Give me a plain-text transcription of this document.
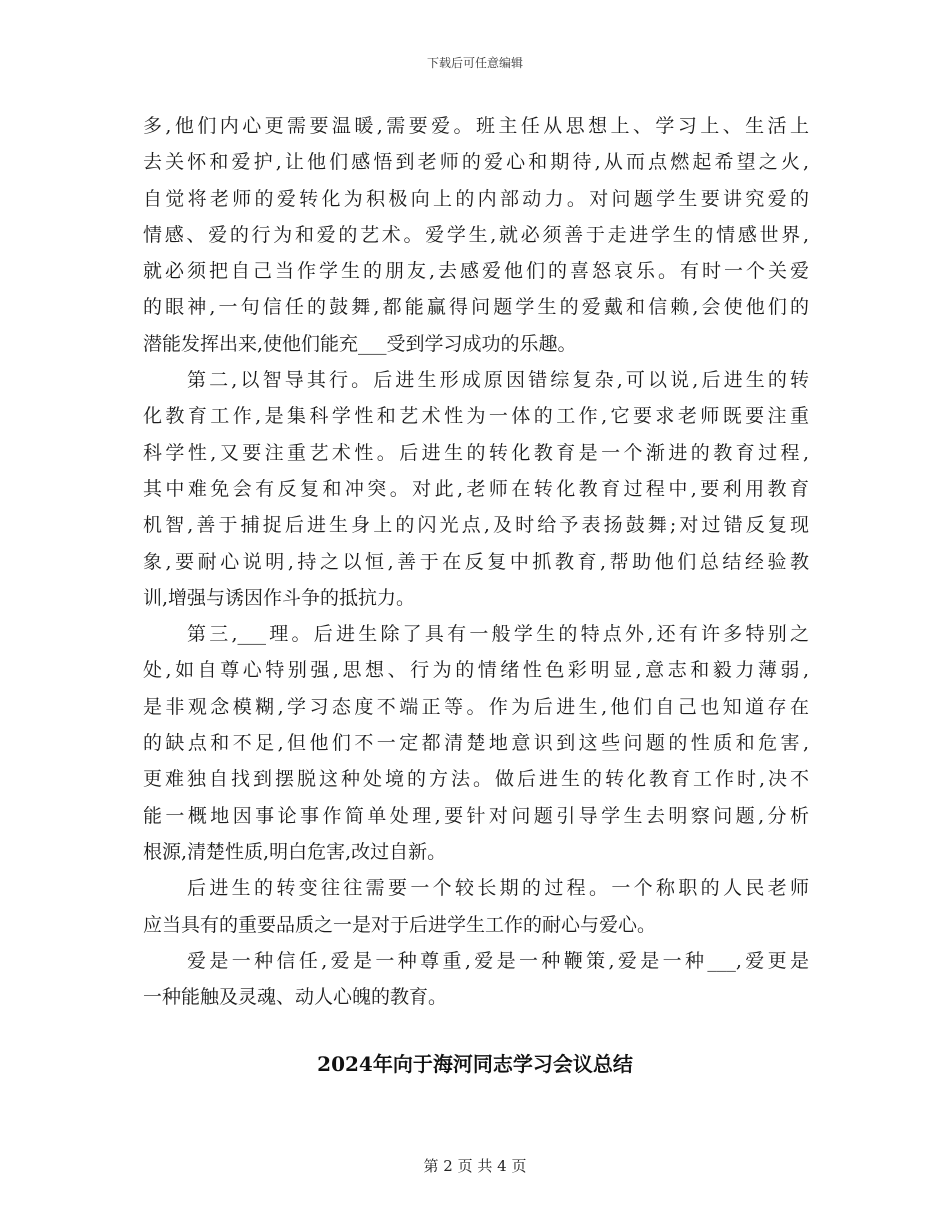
下载后可任意编辑
多,他们内心更需要温暖,需要爱。班主任从思想上、学习上、生活上
去关怀和爱护,让他们感悟到老师的爱心和期待,从而点燃起希望之火,
自觉将老师的爱转化为积极向上的内部动力。对问题学生要讲究爱的
情感、爱的行为和爱的艺术。爱学生,就必须善于走进学生的情感世界,
就必须把自己当作学生的朋友,去感爱他们的喜怒哀乐。有时一个关爱
的眼神,一句信任的鼓舞,都能赢得问题学生的爱戴和信赖,会使他们的
潜能发挥出来,使他们能充___受到学习成功的乐趣。
第二,以智导其行。后进生形成原因错综复杂,可以说,后进生的转
化教育工作,是集科学性和艺术性为一体的工作,它要求老师既要注重
科学性,又要注重艺术性。后进生的转化教育是一个渐进的教育过程,
其中难免会有反复和冲突。对此,老师在转化教育过程中,要利用教育
机智,善于捕捉后进生身上的闪光点,及时给予表扬鼓舞;对过错反复现
象,要耐心说明,持之以恒,善于在反复中抓教育,帮助他们总结经验教
训,增强与诱因作斗争的抵抗力。
第三,___理。后进生除了具有一般学生的特点外,还有许多特别之
处,如自尊心特别强,思想、行为的情绪性色彩明显,意志和毅力薄弱,
是非观念模糊,学习态度不端正等。作为后进生,他们自己也知道存在
的缺点和不足,但他们不一定都清楚地意识到这些问题的性质和危害,
更难独自找到摆脱这种处境的方法。做后进生的转化教育工作时,决不
能一概地因事论事作简单处理,要针对问题引导学生去明察问题,分析
根源,清楚性质,明白危害,改过自新。
后进生的转变往往需要一个较长期的过程。一个称职的人民老师
应当具有的重要品质之一是对于后进学生工作的耐心与爱心。
爱是一种信任,爱是一种尊重,爱是一种鞭策,爱是一种___,爱更是
一种能触及灵魂、动人心魄的教育。
2024年向于海河同志学习会议总结
第 2 页 共 4 页
